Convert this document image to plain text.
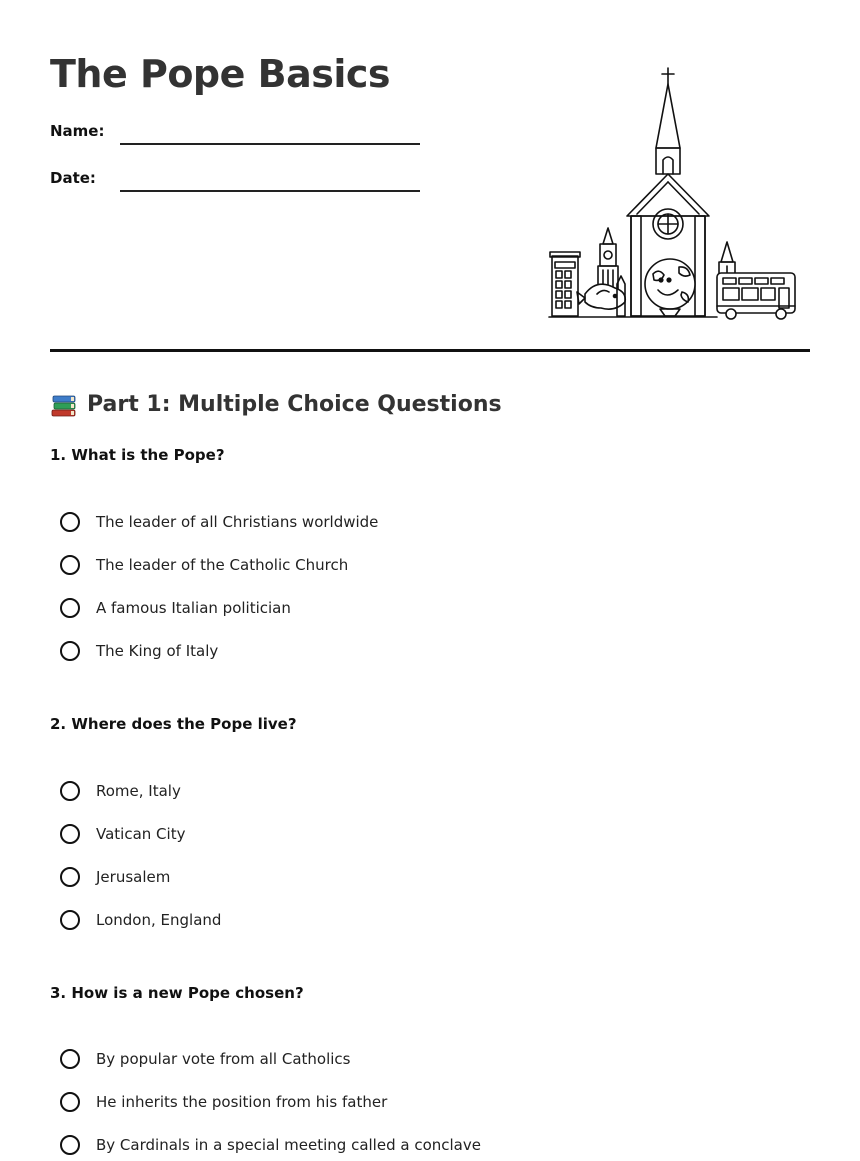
The Pope Basics
Name:
Date:
Part 1: Multiple Choice Questions
1. What is the Pope?
The leader of all Christians worldwide
The leader of the Catholic Church
A famous Italian politician
The King of Italy
2. Where does the Pope live?
Rome, Italy
Vatican City
Jerusalem
London, England
3. How is a new Pope chosen?
By popular vote from all Catholics
He inherits the position from his father
By Cardinals in a special meeting called a conclave
